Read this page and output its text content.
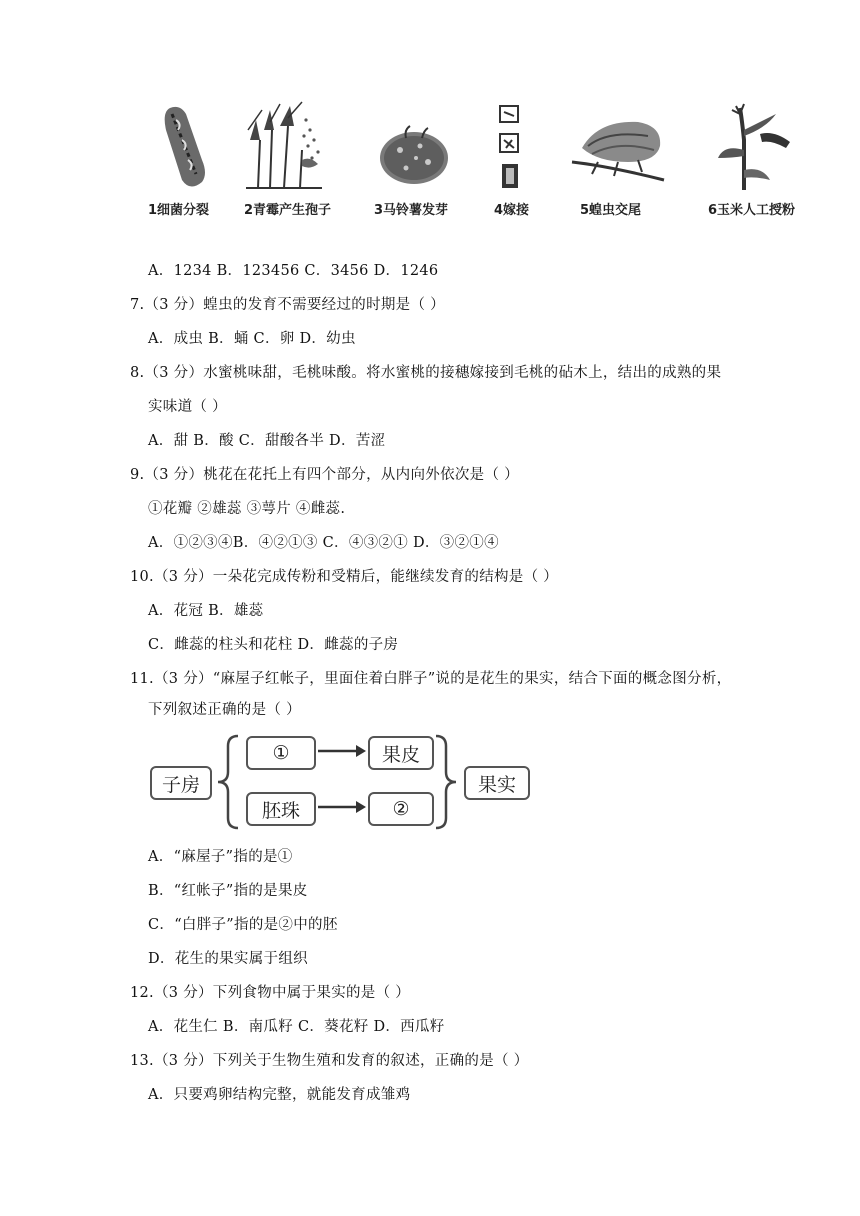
1细菌分裂	2青霉产生孢子	3马铃薯发芽	4嫁接	5蝗虫交尾	6玉米人工授粉
A．1234 B．123456 C．3456 D．1246
7.（3 分）蝗虫的发育不需要经过的时期是（ ）
A．成虫 B．蛹 C．卵 D．幼虫
8.（3 分）水蜜桃味甜，毛桃味酸。将水蜜桃的接穗嫁接到毛桃的砧木上，结出的成熟的果
实味道（ ）
A．甜 B．酸 C．甜酸各半 D．苦涩
9.（3 分）桃花在花托上有四个部分，从内向外依次是（ ）
①花瓣 ②雄蕊 ③萼片 ④雌蕊.
A．①②③④B．④②①③ C．④③②① D．③②①④
10.（3 分）一朵花完成传粉和受精后，能继续发育的结构是（ ）
A．花冠 B．雄蕊
C．雌蕊的柱头和花柱 D．雌蕊的子房
11.（3 分）“麻屋子红帐子，里面住着白胖子”说的是花生的果实，结合下面的概念图分析，
下列叙述正确的是（ ）
子房
①
胚珠
果皮
②
果实
A．“麻屋子”指的是①
B．“红帐子”指的是果皮
C．“白胖子”指的是②中的胚
D．花生的果实属于组织
12.（3 分）下列食物中属于果实的是（ ）
A．花生仁 B．南瓜籽 C．葵花籽 D．西瓜籽
13.（3 分）下列关于生物生殖和发育的叙述，正确的是（ ）
A．只要鸡卵结构完整，就能发育成雏鸡
